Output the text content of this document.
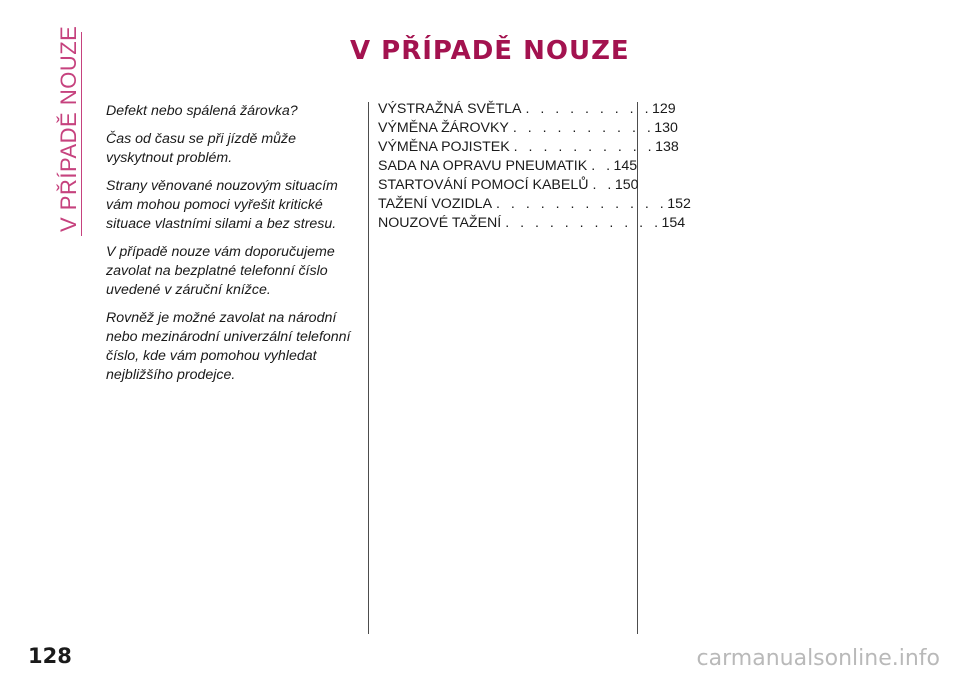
V PŘÍPADĚ NOUZE	V PŘÍPADĚ NOUZE

Defekt nebo spálená žárovka?

Čas od času se při jízdě může vyskytnout problém.

Strany věnované nouzovým situacím vám mohou pomoci vyřešit kritické situace vlastními silami a bez stresu.

V případě nouze vám doporučujeme zavolat na bezplatné telefonní číslo uvedené v záruční knížce.

Rovněž je možné zavolat na národní nebo mezinárodní univerzální telefonní číslo, kde vám pomohou vyhledat nejbližšího prodejce.

VÝSTRAŽNÁ SVĚTLA . . . . . . . . . 129
VÝMĚNA ŽÁROVKY . . . . . . . . . . 130
VÝMĚNA POJISTEK . . . . . . . . . . 138
SADA NA OPRAVU PNEUMATIK . . 145
STARTOVÁNÍ POMOCÍ KABELŮ . . 150
TAŽENÍ VOZIDLA . . . . . . . . . . . . 152
NOUZOVÉ TAŽENÍ . . . . . . . . . . . 154

128	carmanualsonline.info
